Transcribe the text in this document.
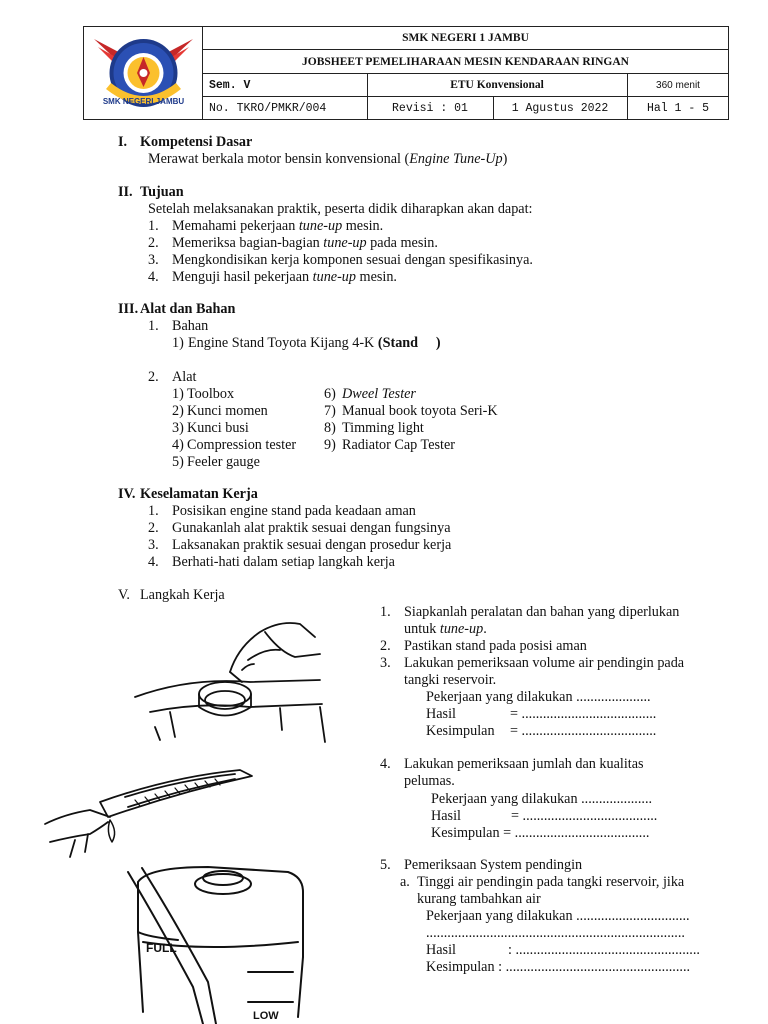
SMK NEGERI JAMBU
SMK NEGERI 1 JAMBU
JOBSHEET PEMELIHARAAN MESIN KENDARAAN RINGAN
Sem. V	ETU Konvensional	360 menit
No. TKRO/PMKR/004	Revisi : 01	1 Agustus 2022	Hal 1 - 5
I. Kompetensi Dasar
Merawat berkala motor bensin konvensional (Engine Tune-Up)
II. Tujuan
Setelah melaksanakan praktik, peserta didik diharapkan akan dapat:
1. Memahami pekerjaan tune-up mesin.
2. Memeriksa bagian-bagian tune-up pada mesin.
3. Mengkondisikan kerja komponen sesuai dengan spesifikasinya.
4. Menguji hasil pekerjaan tune-up mesin.
III. Alat dan Bahan
1. Bahan
1) Engine Stand Toyota Kijang 4-K (Stand )
2. Alat
1) Toolbox
2) Kunci momen
3) Kunci busi
4) Compression tester
5) Feeler gauge
6) Dweel Tester
7) Manual book toyota Seri-K
8) Timming light
9) Radiator Cap Tester
IV. Keselamatan Kerja
1. Posisikan engine stand pada keadaan aman
2. Gunakanlah alat praktik sesuai dengan fungsinya
3. Laksanakan praktik sesuai dengan prosedur kerja
4. Berhati-hati dalam setiap langkah kerja
V. Langkah Kerja
1. Siapkanlah peralatan dan bahan yang diperlukan
untuk tune-up.
2. Pastikan stand pada posisi aman
3. Lakukan pemeriksaan volume air pendingin pada
tangki reservoir.
Pekerjaan yang dilakukan .....................
Hasil	= ......................................
Kesimpulan = ......................................
4. Lakukan pemeriksaan jumlah dan kualitas
pelumas.
Pekerjaan yang dilakukan ....................
Hasil	= ......................................
Kesimpulan = ......................................
5. Pemeriksaan System pendingin
a. Tinggi air pendingin pada tangki reservoir, jika
kurang tambahkan air
Pekerjaan yang dilakukan ................................
.........................................................................
Hasil	: ....................................................
Kesimpulan : ....................................................
FULL
LOW
